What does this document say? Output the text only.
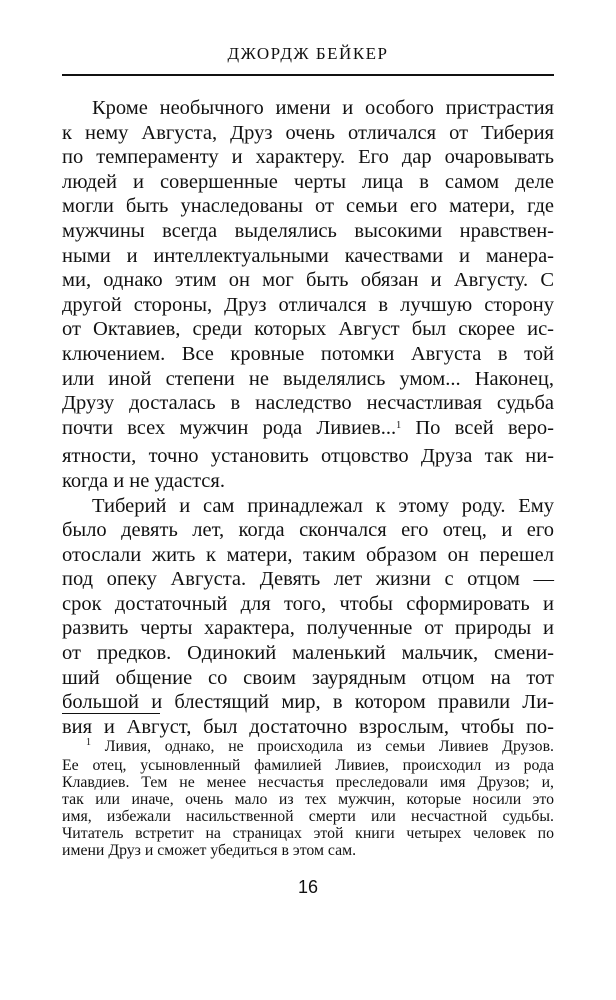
ДЖОРДЖ БЕЙКЕР
Кроме необычного имени и особого пристрастия
к нему Августа, Друз очень отличался от Тиберия
по темпераменту и характеру. Его дар очаровывать
людей и совершенные черты лица в самом деле
могли быть унаследованы от семьи его матери, где
мужчины всегда выделялись высокими нравствен-
ными и интеллектуальными качествами и манера-
ми, однако этим он мог быть обязан и Августу. С
другой стороны, Друз отличался в лучшую сторону
от Октавиев, среди которых Август был скорее ис-
ключением. Все кровные потомки Августа в той
или иной степени не выделялись умом... Наконец,
Друзу досталась в наследство несчастливая судьба
почти всех мужчин рода Ливиев...$^1$ По всей веро-
ятности, точно установить отцовство Друза так ни-
когда и не удастся.
Тиберий и сам принадлежал к этому роду. Ему
было девять лет, когда скончался его отец, и его
отослали жить к матери, таким образом он перешел
под опеку Августа. Девять лет жизни с отцом —
срок достаточный для того, чтобы сформировать и
развить черты характера, полученные от природы и
от предков. Одинокий маленький мальчик, смени-
ший общение со своим заурядным отцом на тот
большой и блестящий мир, в котором правили Ли-
вия и Август, был достаточно взрослым, чтобы по-
$^1$ Ливия, однако, не происходила из семьи Ливиев Друзов.
Ее отец, усыновленный фамилией Ливиев, происходил из рода
Клавдиев. Тем не менее несчастья преследовали имя Друзов; и,
так или иначе, очень мало из тех мужчин, которые носили это
имя, избежали насильственной смерти или несчастной судьбы.
Читатель встретит на страницах этой книги четырех человек по
имени Друз и сможет убедиться в этом сам.
16
